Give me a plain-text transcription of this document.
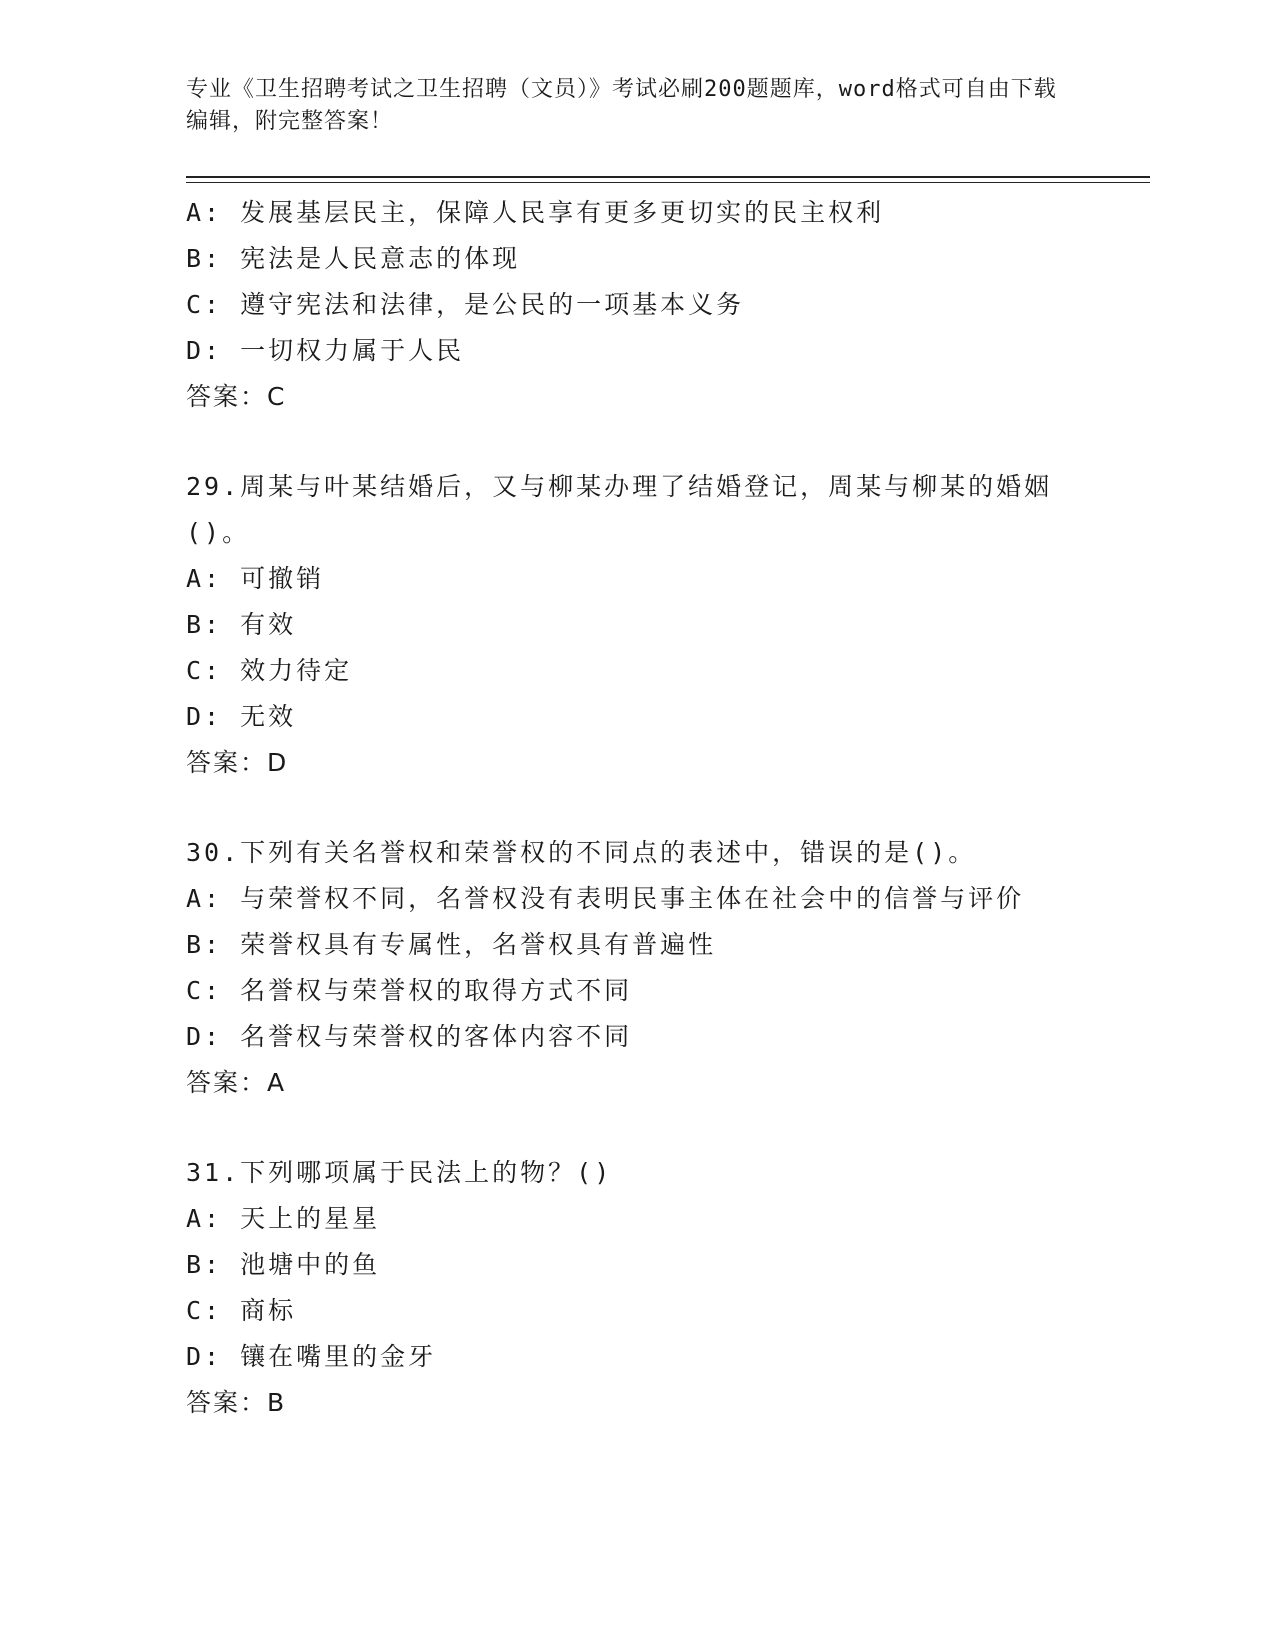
专业《卫生招聘考试之卫生招聘（文员）》考试必刷200题题库，word格式可自由下载编辑，附完整答案！
A: 发展基层民主，保障人民享有更多更切实的民主权利
B: 宪法是人民意志的体现
C: 遵守宪法和法律，是公民的一项基本义务
D: 一切权力属于人民
答案：C
29.周某与叶某结婚后，又与柳某办理了结婚登记，周某与柳某的婚姻()。
A: 可撤销
B: 有效
C: 效力待定
D: 无效
答案：D
30.下列有关名誉权和荣誉权的不同点的表述中，错误的是()。
A: 与荣誉权不同，名誉权没有表明民事主体在社会中的信誉与评价
B: 荣誉权具有专属性，名誉权具有普遍性
C: 名誉权与荣誉权的取得方式不同
D: 名誉权与荣誉权的客体内容不同
答案：A
31.下列哪项属于民法上的物？()
A: 天上的星星
B: 池塘中的鱼
C: 商标
D: 镶在嘴里的金牙
答案：B
